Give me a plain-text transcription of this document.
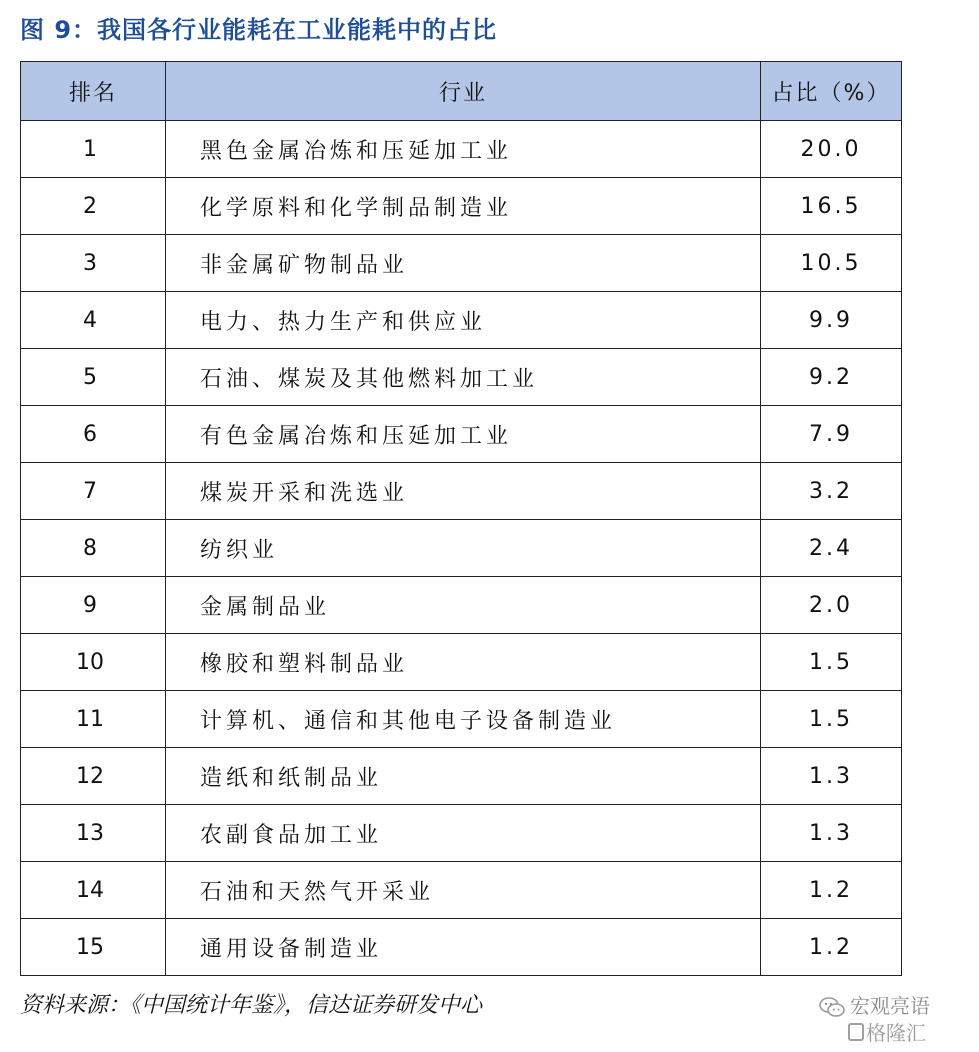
图 9：我国各行业能耗在工业能耗中的占比
排名	行业	占比（%）
1	黑色金属冶炼和压延加工业	20.0
2	化学原料和化学制品制造业	16.5
3	非金属矿物制品业	10.5
4	电力、热力生产和供应业	9.9
5	石油、煤炭及其他燃料加工业	9.2
6	有色金属冶炼和压延加工业	7.9
7	煤炭开采和洗选业	3.2
8	纺织业	2.4
9	金属制品业	2.0
10	橡胶和塑料制品业	1.5
11	计算机、通信和其他电子设备制造业	1.5
12	造纸和纸制品业	1.3
13	农副食品加工业	1.3
14	石油和天然气开采业	1.2
15	通用设备制造业	1.2
资料来源：《中国统计年鉴》，信达证券研发中心	宏观亮语
格隆汇
